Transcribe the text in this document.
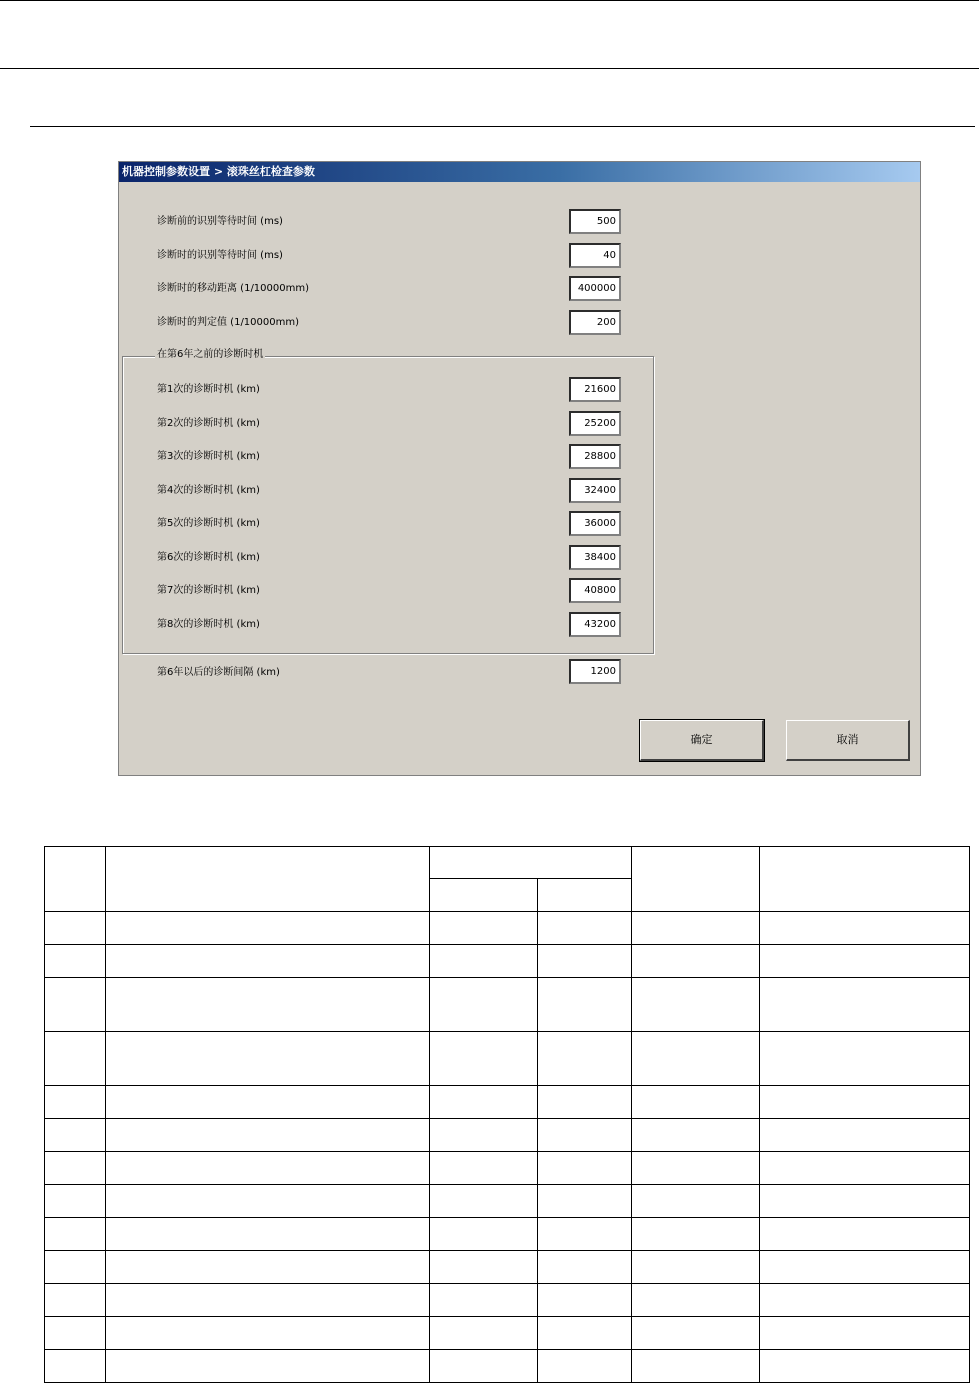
机器控制参数设置 > 滚珠丝杠检查参数
诊断前的识别等待时间 (ms)	500
诊断时的识别等待时间 (ms)	40
诊断时的移动距离 (1/10000mm)	400000
诊断时的判定值 (1/10000mm)	200
在第6年之前的诊断时机
第1次的诊断时机 (km)	21600
第2次的诊断时机 (km)	25200
第3次的诊断时机 (km)	28800
第4次的诊断时机 (km)	32400
第5次的诊断时机 (km)	36000
第6次的诊断时机 (km)	38400
第7次的诊断时机 (km)	40800
第8次的诊断时机 (km)	43200
第6年以后的诊断间隔 (km)	1200
确定	取消
